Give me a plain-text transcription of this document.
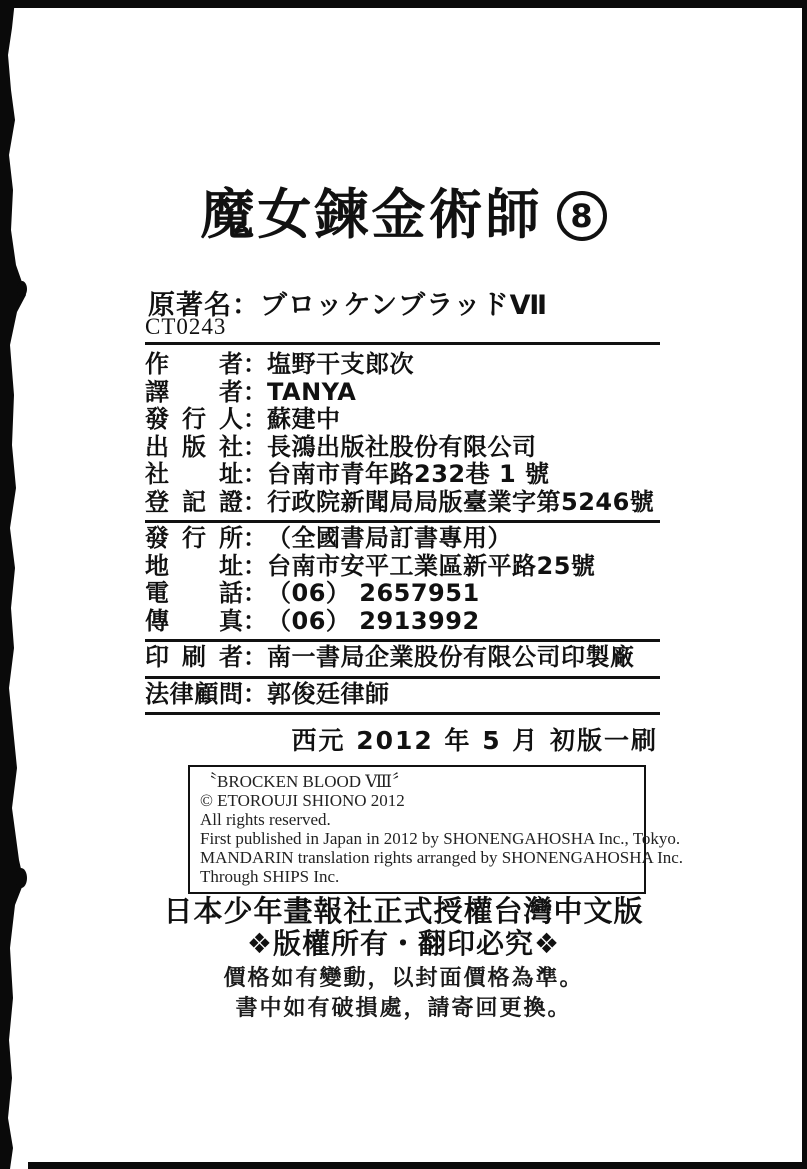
魔女鍊金術師 8
原著名：ブロッケンブラッドⅦ
CT0243
作者：塩野干支郎次
譯者：TANYA
發行人：蘇建中
出版社：長鴻出版社股份有限公司
社址：台南市青年路232巷 1 號
登記證：行政院新聞局局版臺業字第5246號
發行所：（全國書局訂書專用）
地址：台南市安平工業區新平路25號
電話：（06） 2657951
傳真：（06） 2913992
印刷者：南一書局企業股份有限公司印製廠
法律顧問：郭俊廷律師
西元 2012 年 5 月 初版一刷
〝BROCKEN BLOOD Ⅷ〞
© ETOROUJI SHIONO 2012
All rights reserved.
First published in Japan in 2012 by SHONENGAHOSHA Inc., Tokyo.
MANDARIN translation rights arranged by SHONENGAHOSHA Inc.
Through SHIPS Inc.
日本少年畫報社正式授權台灣中文版
❖版權所有・翻印必究❖
價格如有變動，以封面價格為準。
書中如有破損處，請寄回更換。
